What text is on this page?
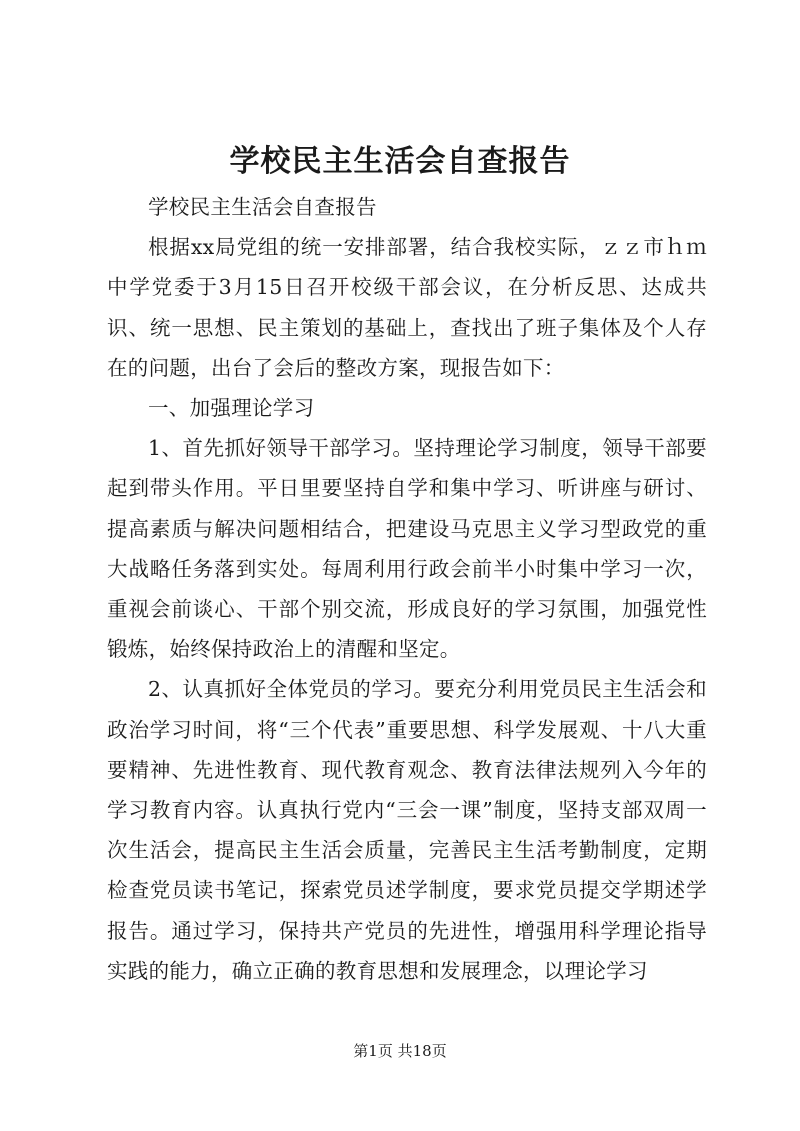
学校民主生活会自查报告

学校民主生活会自查报告

根据xx局党组的统一安排部署，结合我校实际，ｚｚ市ｈｍ中学党委于3月15日召开校级干部会议，在分析反思、达成共识、统一思想、民主策划的基础上，查找出了班子集体及个人存在的问题，出台了会后的整改方案，现报告如下：

一、加强理论学习

1、首先抓好领导干部学习。坚持理论学习制度，领导干部要起到带头作用。平日里要坚持自学和集中学习、听讲座与研讨、提高素质与解决问题相结合，把建设马克思主义学习型政党的重大战略任务落到实处。每周利用行政会前半小时集中学习一次，重视会前谈心、干部个别交流，形成良好的学习氛围，加强党性锻炼，始终保持政治上的清醒和坚定。

2、认真抓好全体党员的学习。要充分利用党员民主生活会和政治学习时间，将“三个代表”重要思想、科学发展观、十八大重要精神、先进性教育、现代教育观念、教育法律法规列入今年的学习教育内容。认真执行党内“三会一课”制度，坚持支部双周一次生活会，提高民主生活会质量，完善民主生活考勤制度，定期检查党员读书笔记，探索党员述学制度，要求党员提交学期述学报告。通过学习，保持共产党员的先进性，增强用科学理论指导实践的能力，确立正确的教育思想和发展理念，以理论学习

第1页 共18页
